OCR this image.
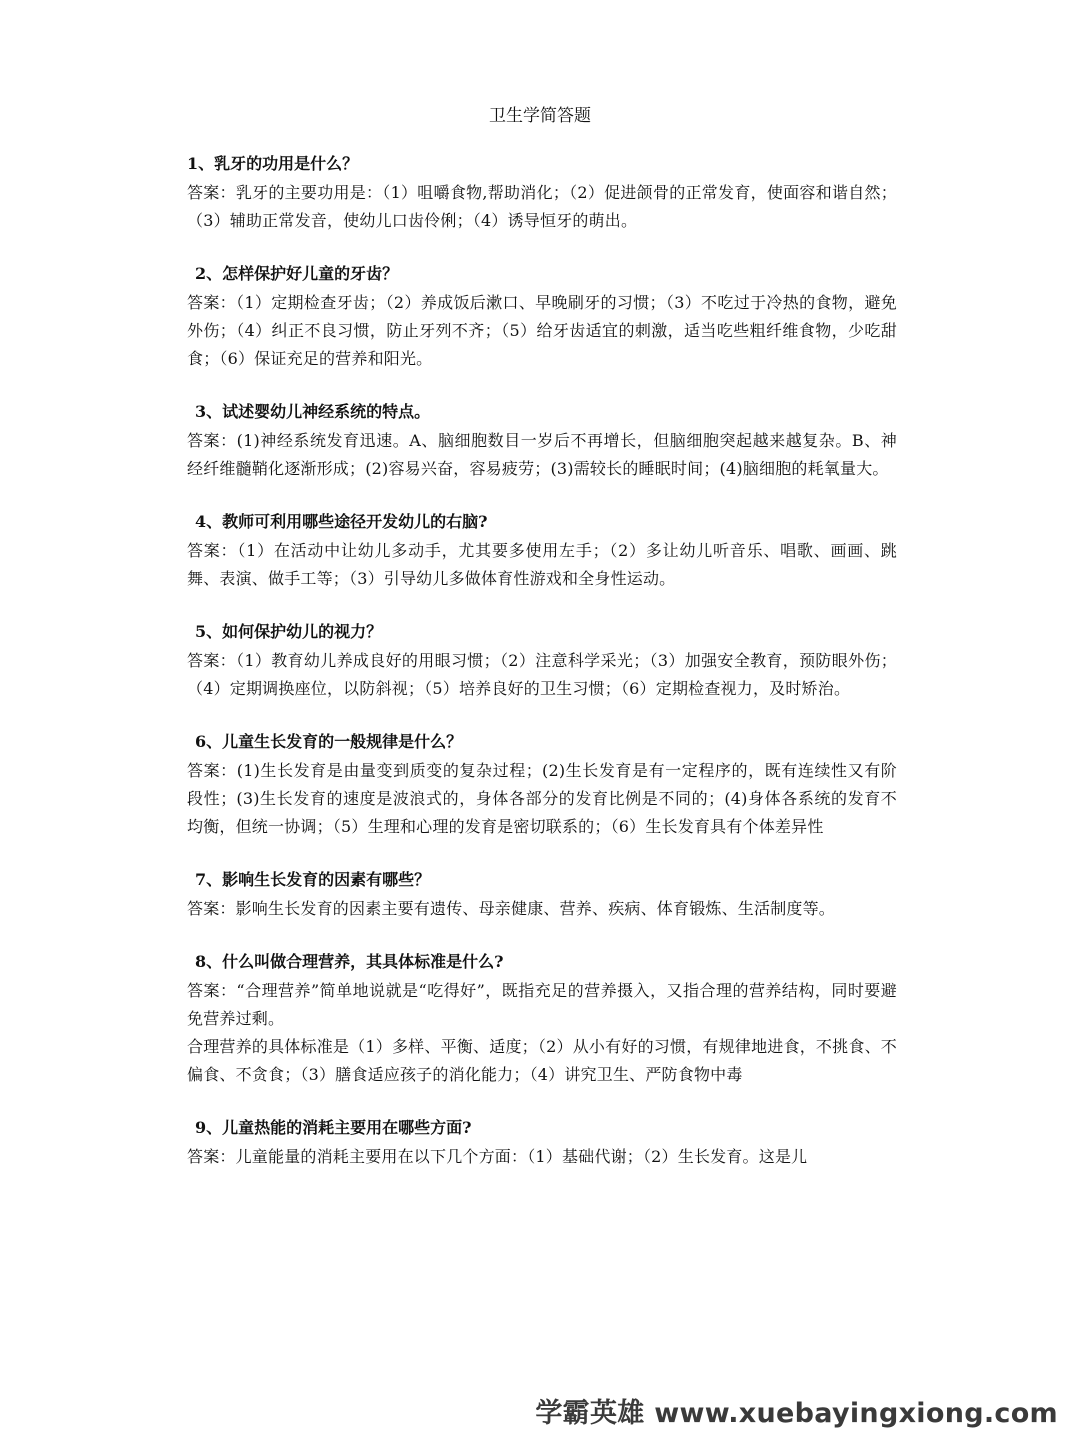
卫生学简答题

1、乳牙的功用是什么？

答案：乳牙的主要功用是：（1）咀嚼食物,帮助消化；（2）促进颌骨的正常发育，使面容和谐自然；（3）辅助正常发音，使幼儿口齿伶俐；（4）诱导恒牙的萌出。

2、怎样保护好儿童的牙齿？

答案：（1）定期检查牙齿；（2）养成饭后漱口、早晚刷牙的习惯；（3）不吃过于冷热的食物，避免外伤；（4）纠正不良习惯，防止牙列不齐；（5）给牙齿适宜的刺激，适当吃些粗纤维食物，少吃甜食；（6）保证充足的营养和阳光。

3、试述婴幼儿神经系统的特点。

答案：(1)神经系统发育迅速。A、脑细胞数目一岁后不再增长，但脑细胞突起越来越复杂。B、神经纤维髓鞘化逐渐形成；(2)容易兴奋，容易疲劳；(3)需较长的睡眠时间；(4)脑细胞的耗氧量大。

4、教师可利用哪些途径开发幼儿的右脑?

答案：（1）在活动中让幼儿多动手，尤其要多使用左手；（2）多让幼儿听音乐、唱歌、画画、跳舞、表演、做手工等；（3）引导幼儿多做体育性游戏和全身性运动。

5、如何保护幼儿的视力？

答案：（1）教育幼儿养成良好的用眼习惯；（2）注意科学采光；（3）加强安全教育，预防眼外伤；（4）定期调换座位，以防斜视；（5）培养良好的卫生习惯；（6）定期检查视力，及时矫治。

6、儿童生长发育的一般规律是什么？

答案：(1)生长发育是由量变到质变的复杂过程；(2)生长发育是有一定程序的，既有连续性又有阶段性；(3)生长发育的速度是波浪式的，身体各部分的发育比例是不同的；(4)身体各系统的发育不均衡，但统一协调；（5）生理和心理的发育是密切联系的；（6）生长发育具有个体差异性

7、影响生长发育的因素有哪些？

答案：影响生长发育的因素主要有遗传、母亲健康、营养、疾病、体育锻炼、生活制度等。

8、什么叫做合理营养，其具体标准是什么?

答案：“合理营养”简单地说就是“吃得好”，既指充足的营养摄入，又指合理的营养结构，同时要避免营养过剩。

合理营养的具体标准是（1）多样、平衡、适度；（2）从小有好的习惯，有规律地进食，不挑食、不偏食、不贪食；（3）膳食适应孩子的消化能力；（4）讲究卫生、严防食物中毒

9、儿童热能的消耗主要用在哪些方面?

答案：儿童能量的消耗主要用在以下几个方面：（1）基础代谢；（2）生长发育。这是儿

学霸英雄 www.xuebayingxiong.com
